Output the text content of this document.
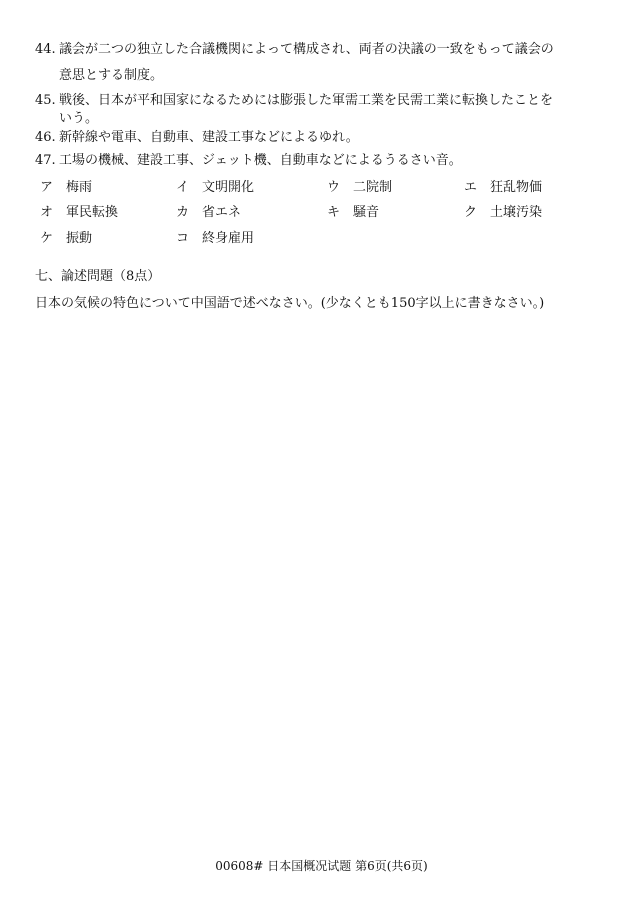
44. 議会が二つの独立した合議機関によって構成され、両者の決議の一致をもって議会の
意思とする制度。
45. 戦後、日本が平和国家になるためには膨張した軍需工業を民需工業に転換したことを
いう。
46. 新幹線や電車、自動車、建設工事などによるゆれ。
47. 工場の機械、建設工事、ジェット機、自動車などによるうるさい音。
ア 梅雨	イ 文明開化	ウ 二院制	エ 狂乱物価
オ 軍民転換	カ 省エネ	キ 騒音	ク 土壌汚染
ケ 振動	コ 終身雇用
七、論述問題（8点）
日本の気候の特色について中国語で述べなさい。(少なくとも150字以上に書きなさい。)
00608# 日本国概况试题 第6页(共6页)
